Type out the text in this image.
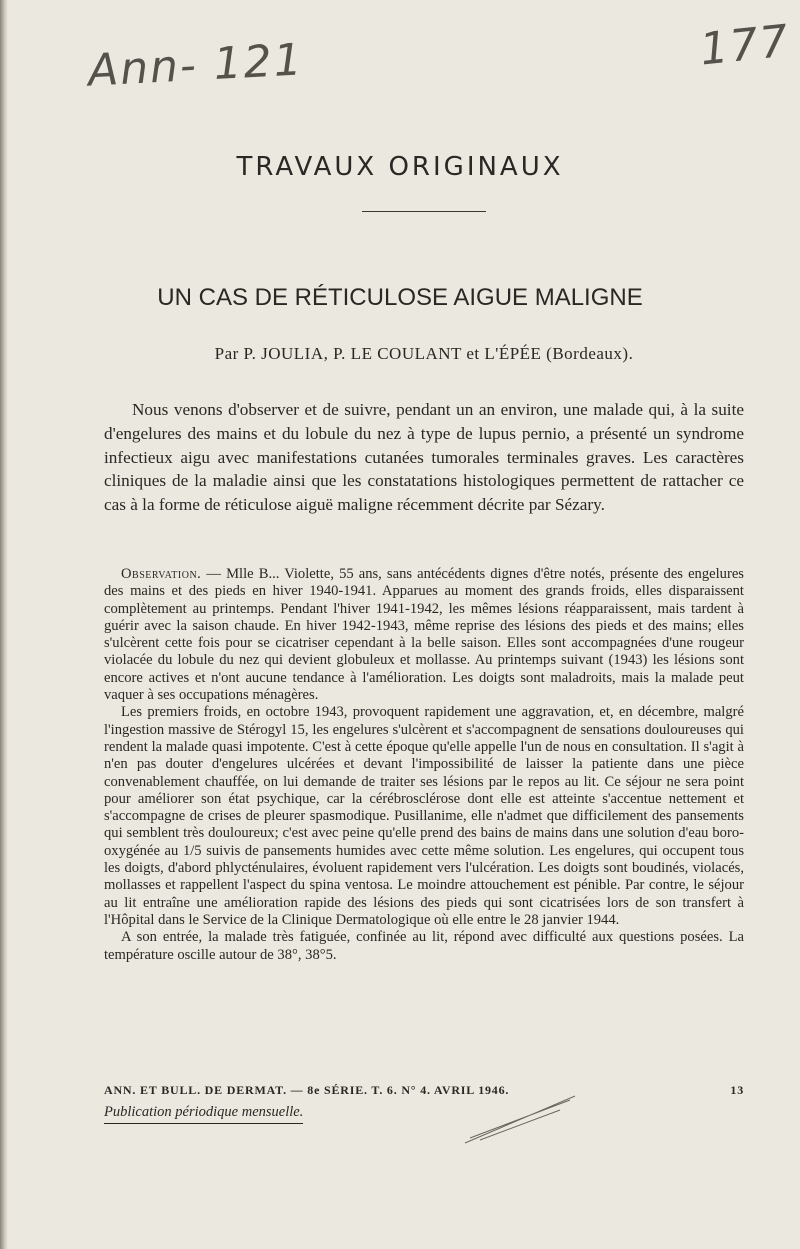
Ann- 121	177
TRAVAUX ORIGINAUX
UN CAS DE RÉTICULOSE AIGUE MALIGNE
Par P. JOULIA, P. LE COULANT et L'ÉPÉE (Bordeaux).
Nous venons d'observer et de suivre, pendant un an environ, une malade qui, à la suite d'engelures des mains et du lobule du nez à type de lupus pernio, a présenté un syndrome infectieux aigu avec manifestations cutanées tumorales terminales graves. Les caractères cliniques de la maladie ainsi que les constatations histologiques permettent de rattacher ce cas à la forme de réticulose aiguë maligne récemment décrite par Sézary.

Observation. — Mlle B... Violette, 55 ans, sans antécédents dignes d'être notés, présente des engelures des mains et des pieds en hiver 1940-1941. Apparues au moment des grands froids, elles disparaissent complètement au printemps. Pendant l'hiver 1941-1942, les mêmes lésions réapparaissent, mais tardent à guérir avec la saison chaude. En hiver 1942-1943, même reprise des lésions des pieds et des mains; elles s'ulcèrent cette fois pour se cicatriser cependant à la belle saison. Elles sont accompagnées d'une rougeur violacée du lobule du nez qui devient globuleux et mollasse. Au printemps suivant (1943) les lésions sont encore actives et n'ont aucune tendance à l'amélioration. Les doigts sont maladroits, mais la malade peut vaquer à ses occupations ménagères.

Les premiers froids, en octobre 1943, provoquent rapidement une aggravation, et, en décembre, malgré l'ingestion massive de Stérogyl 15, les engelures s'ulcèrent et s'accompagnent de sensations douloureuses qui rendent la malade quasi impotente. C'est à cette époque qu'elle appelle l'un de nous en consultation. Il s'agit à n'en pas douter d'engelures ulcérées et devant l'impossibilité de laisser la patiente dans une pièce convenablement chauffée, on lui demande de traiter ses lésions par le repos au lit. Ce séjour ne sera point pour améliorer son état psychique, car la cérébrosclérose dont elle est atteinte s'accentue nettement et s'accompagne de crises de pleurer spasmodique. Pusillanime, elle n'admet que difficilement des pansements qui semblent très douloureux; c'est avec peine qu'elle prend des bains de mains dans une solution d'eau boro-oxygénée au 1/5 suivis de pansements humides avec cette même solution. Les engelures, qui occupent tous les doigts, d'abord phlycténulaires, évoluent rapidement vers l'ulcération. Les doigts sont boudinés, violacés, mollasses et rappellent l'aspect du spina ventosa. Le moindre attouchement est pénible. Par contre, le séjour au lit entraîne une amélioration rapide des lésions des pieds qui sont cicatrisées lors de son transfert à l'Hôpital dans le Service de la Clinique Dermatologique où elle entre le 28 janvier 1944.

A son entrée, la malade très fatiguée, confinée au lit, répond avec difficulté aux questions posées. La température oscille autour de 38°, 38°5.

ANN. ET BULL. DE DERMAT. — 8e SÉRIE. T. 6. N° 4. AVRIL 1946.	13
Publication périodique mensuelle.
